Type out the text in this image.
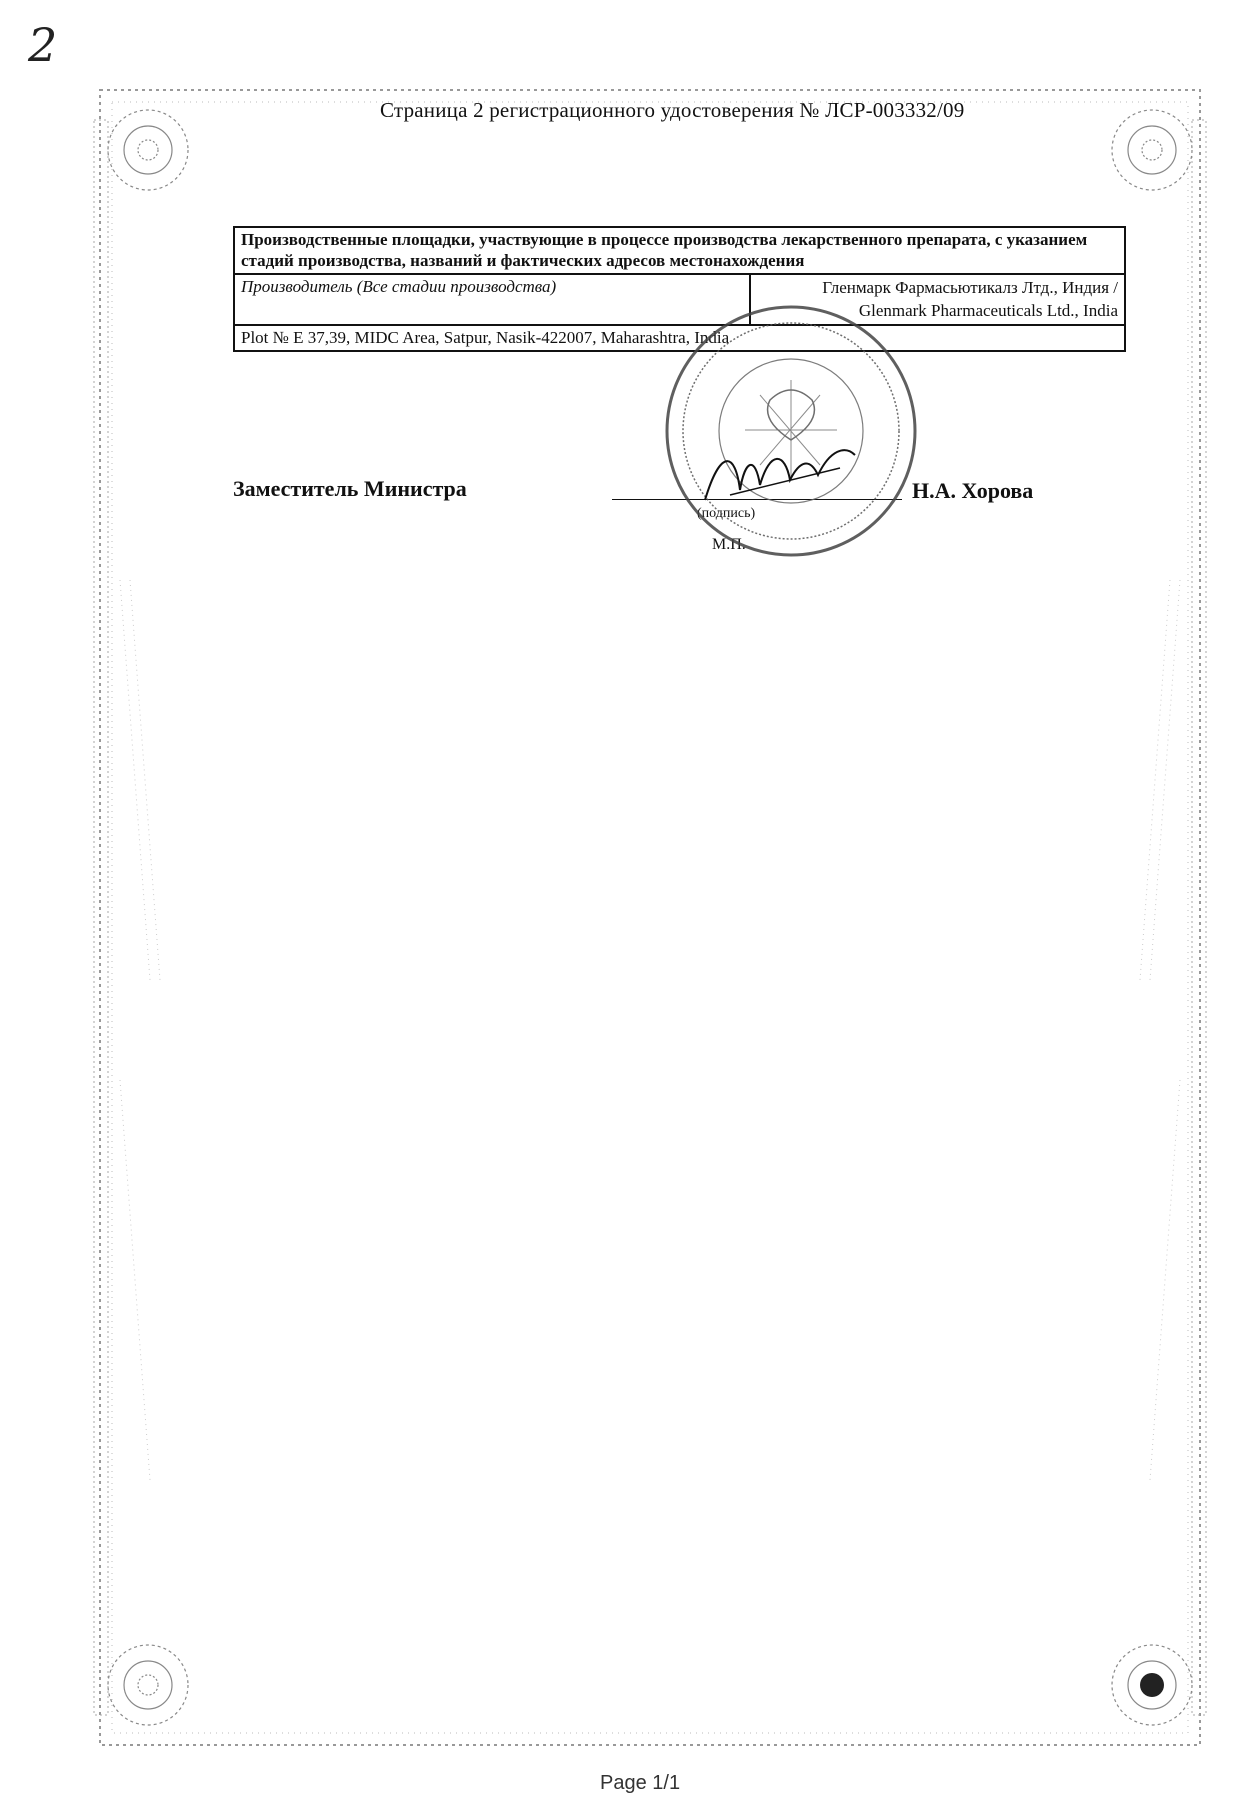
2
Страница 2 регистрационного удостоверения № ЛСР-003332/09
Производственные площадки, участвующие в процессе производства лекарственного препарата, с указанием стадий производства, названий и фактических адресов местонахождения
Производитель (Все стадии производства)	Гленмарк Фармасьютикалз Лтд., Индия /
Glenmark Pharmaceuticals Ltd., India

Plot № E 37,39, MIDC Area, Satpur, Nasik-422007, Maharashtra, India
Заместитель Министра
(подпись)
М.П.
Н.А. Хорова
Page 1/1
